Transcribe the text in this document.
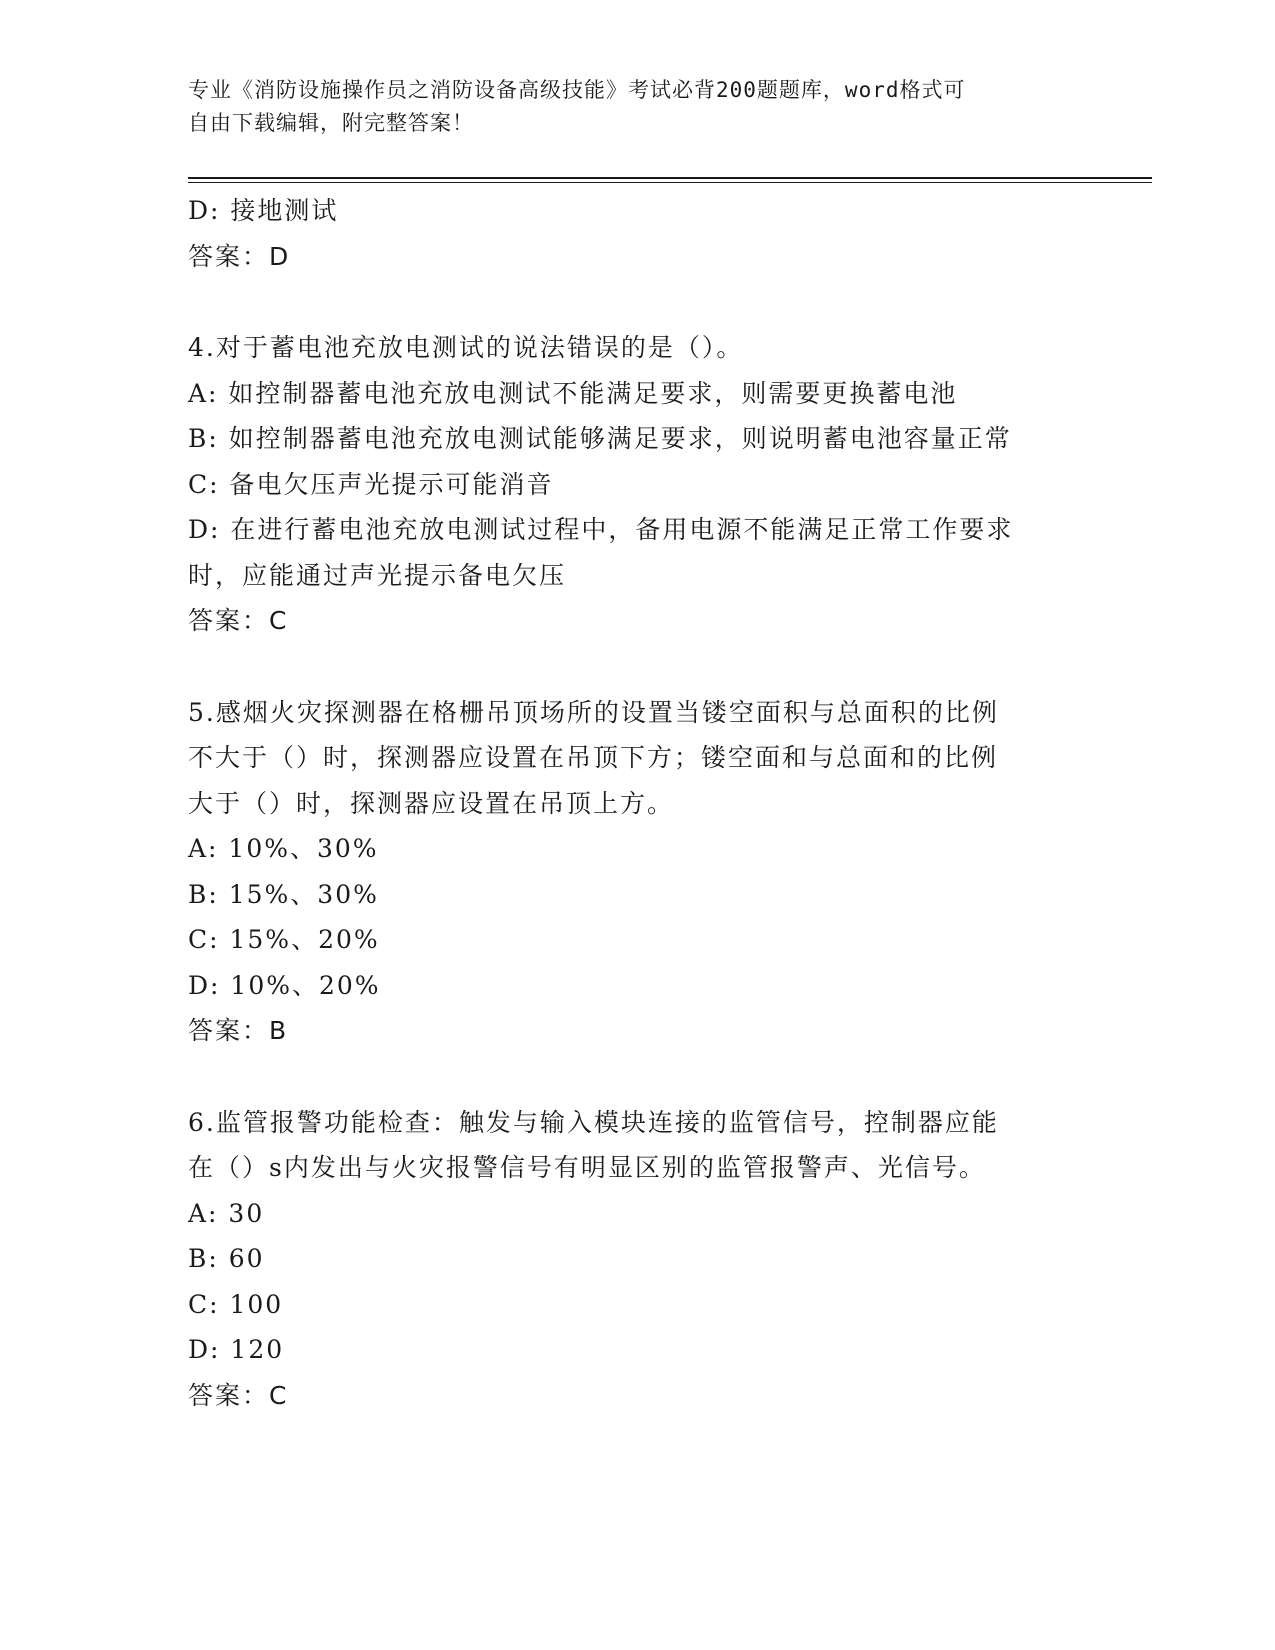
专业《消防设施操作员之消防设备高级技能》考试必背200题题库，word格式可
自由下载编辑，附完整答案！
D: 接地测试
答案：D
4.对于蓄电池充放电测试的说法错误的是（）。
A: 如控制器蓄电池充放电测试不能满足要求，则需要更换蓄电池
B: 如控制器蓄电池充放电测试能够满足要求，则说明蓄电池容量正常
C: 备电欠压声光提示可能消音
D: 在进行蓄电池充放电测试过程中，备用电源不能满足正常工作要求
时，应能通过声光提示备电欠压
答案：C
5.感烟火灾探测器在格栅吊顶场所的设置当镂空面积与总面积的比例
不大于（）时，探测器应设置在吊顶下方；镂空面和与总面和的比例
大于（）时，探测器应设置在吊顶上方。
A: 10%、30%
B: 15%、30%
C: 15%、20%
D: 10%、20%
答案：B
6.监管报警功能检查：触发与输入模块连接的监管信号，控制器应能
在（）s内发出与火灾报警信号有明显区别的监管报警声、光信号。
A: 30
B: 60
C: 100
D: 120
答案：C
